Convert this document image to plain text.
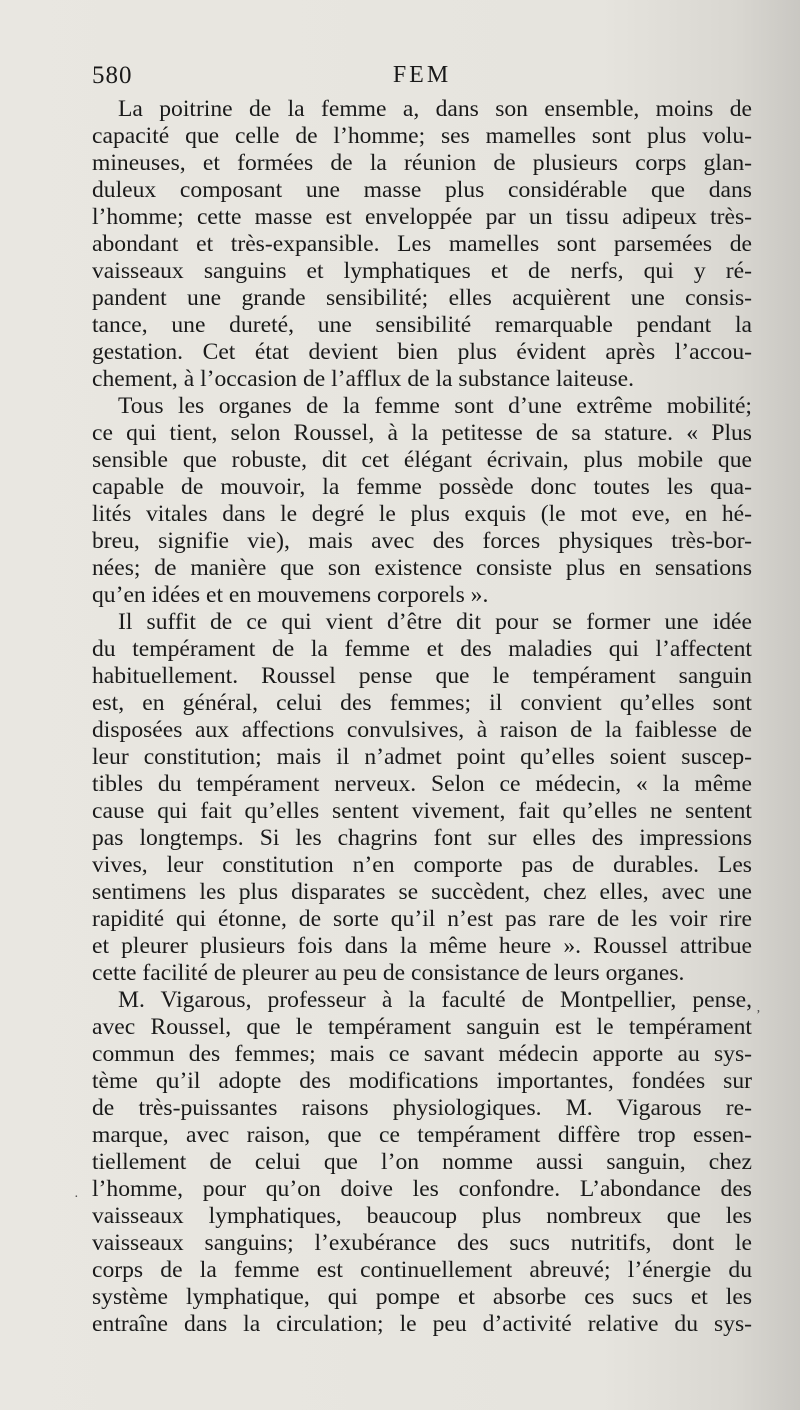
580	FEM
La poitrine de la femme a, dans son ensemble, moins de
capacité que celle de l’homme; ses mamelles sont plus volu-
mineuses, et formées de la réunion de plusieurs corps glan-
duleux composant une masse plus considérable que dans
l’homme; cette masse est enveloppée par un tissu adipeux très-
abondant et très-expansible. Les mamelles sont parsemées de
vaisseaux sanguins et lymphatiques et de nerfs, qui y ré-
pandent une grande sensibilité; elles acquièrent une consis-
tance, une dureté, une sensibilité remarquable pendant la
gestation. Cet état devient bien plus évident après l’accou-
chement, à l’occasion de l’afflux de la substance laiteuse.
Tous les organes de la femme sont d’une extrême mobilité;
ce qui tient, selon Roussel, à la petitesse de sa stature. « Plus
sensible que robuste, dit cet élégant écrivain, plus mobile que
capable de mouvoir, la femme possède donc toutes les qua-
lités vitales dans le degré le plus exquis (le mot eve, en hé-
breu, signifie vie), mais avec des forces physiques très-bor-
nées; de manière que son existence consiste plus en sensations
qu’en idées et en mouvemens corporels ».
Il suffit de ce qui vient d’être dit pour se former une idée
du tempérament de la femme et des maladies qui l’affectent
habituellement. Roussel pense que le tempérament sanguin
est, en général, celui des femmes; il convient qu’elles sont
disposées aux affections convulsives, à raison de la faiblesse de
leur constitution; mais il n’admet point qu’elles soient suscep-
tibles du tempérament nerveux. Selon ce médecin, « la même
cause qui fait qu’elles sentent vivement, fait qu’elles ne sentent
pas longtemps. Si les chagrins font sur elles des impressions
vives, leur constitution n’en comporte pas de durables. Les
sentimens les plus disparates se succèdent, chez elles, avec une
rapidité qui étonne, de sorte qu’il n’est pas rare de les voir rire
et pleurer plusieurs fois dans la même heure ». Roussel attribue
cette facilité de pleurer au peu de consistance de leurs organes.
M. Vigarous, professeur à la faculté de Montpellier, pense,
avec Roussel, que le tempérament sanguin est le tempérament
commun des femmes; mais ce savant médecin apporte au sys-
tème qu’il adopte des modifications importantes, fondées sur
de très-puissantes raisons physiologiques. M. Vigarous re-
marque, avec raison, que ce tempérament diffère trop essen-
tiellement de celui que l’on nomme aussi sanguin, chez
l’homme, pour qu’on doive les confondre. L’abondance des
vaisseaux lymphatiques, beaucoup plus nombreux que les
vaisseaux sanguins; l’exubérance des sucs nutritifs, dont le
corps de la femme est continuellement abreuvé; l’énergie du
système lymphatique, qui pompe et absorbe ces sucs et les
entraîne dans la circulation; le peu d’activité relative du sys-
’
·
